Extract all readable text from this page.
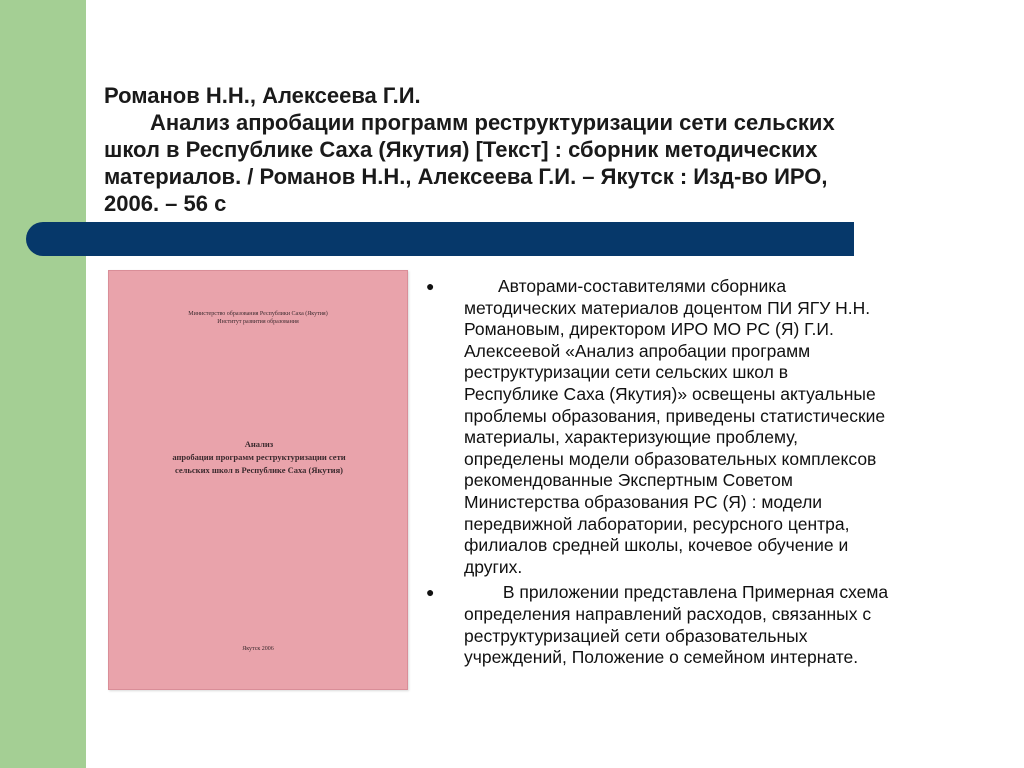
Романов Н.Н., Алексеева Г.И.
Анализ апробации программ реструктуризации сети сельских
школ в Республике Саха (Якутия) [Текст] : сборник методических
материалов. / Романов Н.Н., Алексеева Г.И. – Якутск : Изд-во ИРО,
2006. – 56 с
Министерство образования Республики Саха (Якутия)
Институт развития образования
Анализ
апробации программ реструктуризации сети
сельских школ в Республике Саха (Якутия)
Якутск 2006
●	Авторами-составителями сборника
методических материалов доцентом ПИ ЯГУ Н.Н.
Романовым, директором ИРО МО РС (Я) Г.И.
Алексеевой «Анализ апробации программ
реструктуризации сети сельских школ в
Республике Саха (Якутия)» освещены актуальные
проблемы образования, приведены статистические
материалы, характеризующие проблему,
определены модели образовательных комплексов
рекомендованные Экспертным Советом
Министерства образования РС (Я) : модели
передвижной лаборатории, ресурсного центра,
филиалов средней школы, кочевое обучение и
других.
●	В приложении представлена Примерная схема
определения направлений расходов, связанных с
реструктуризацией сети образовательных
учреждений, Положение о семейном интернате.
